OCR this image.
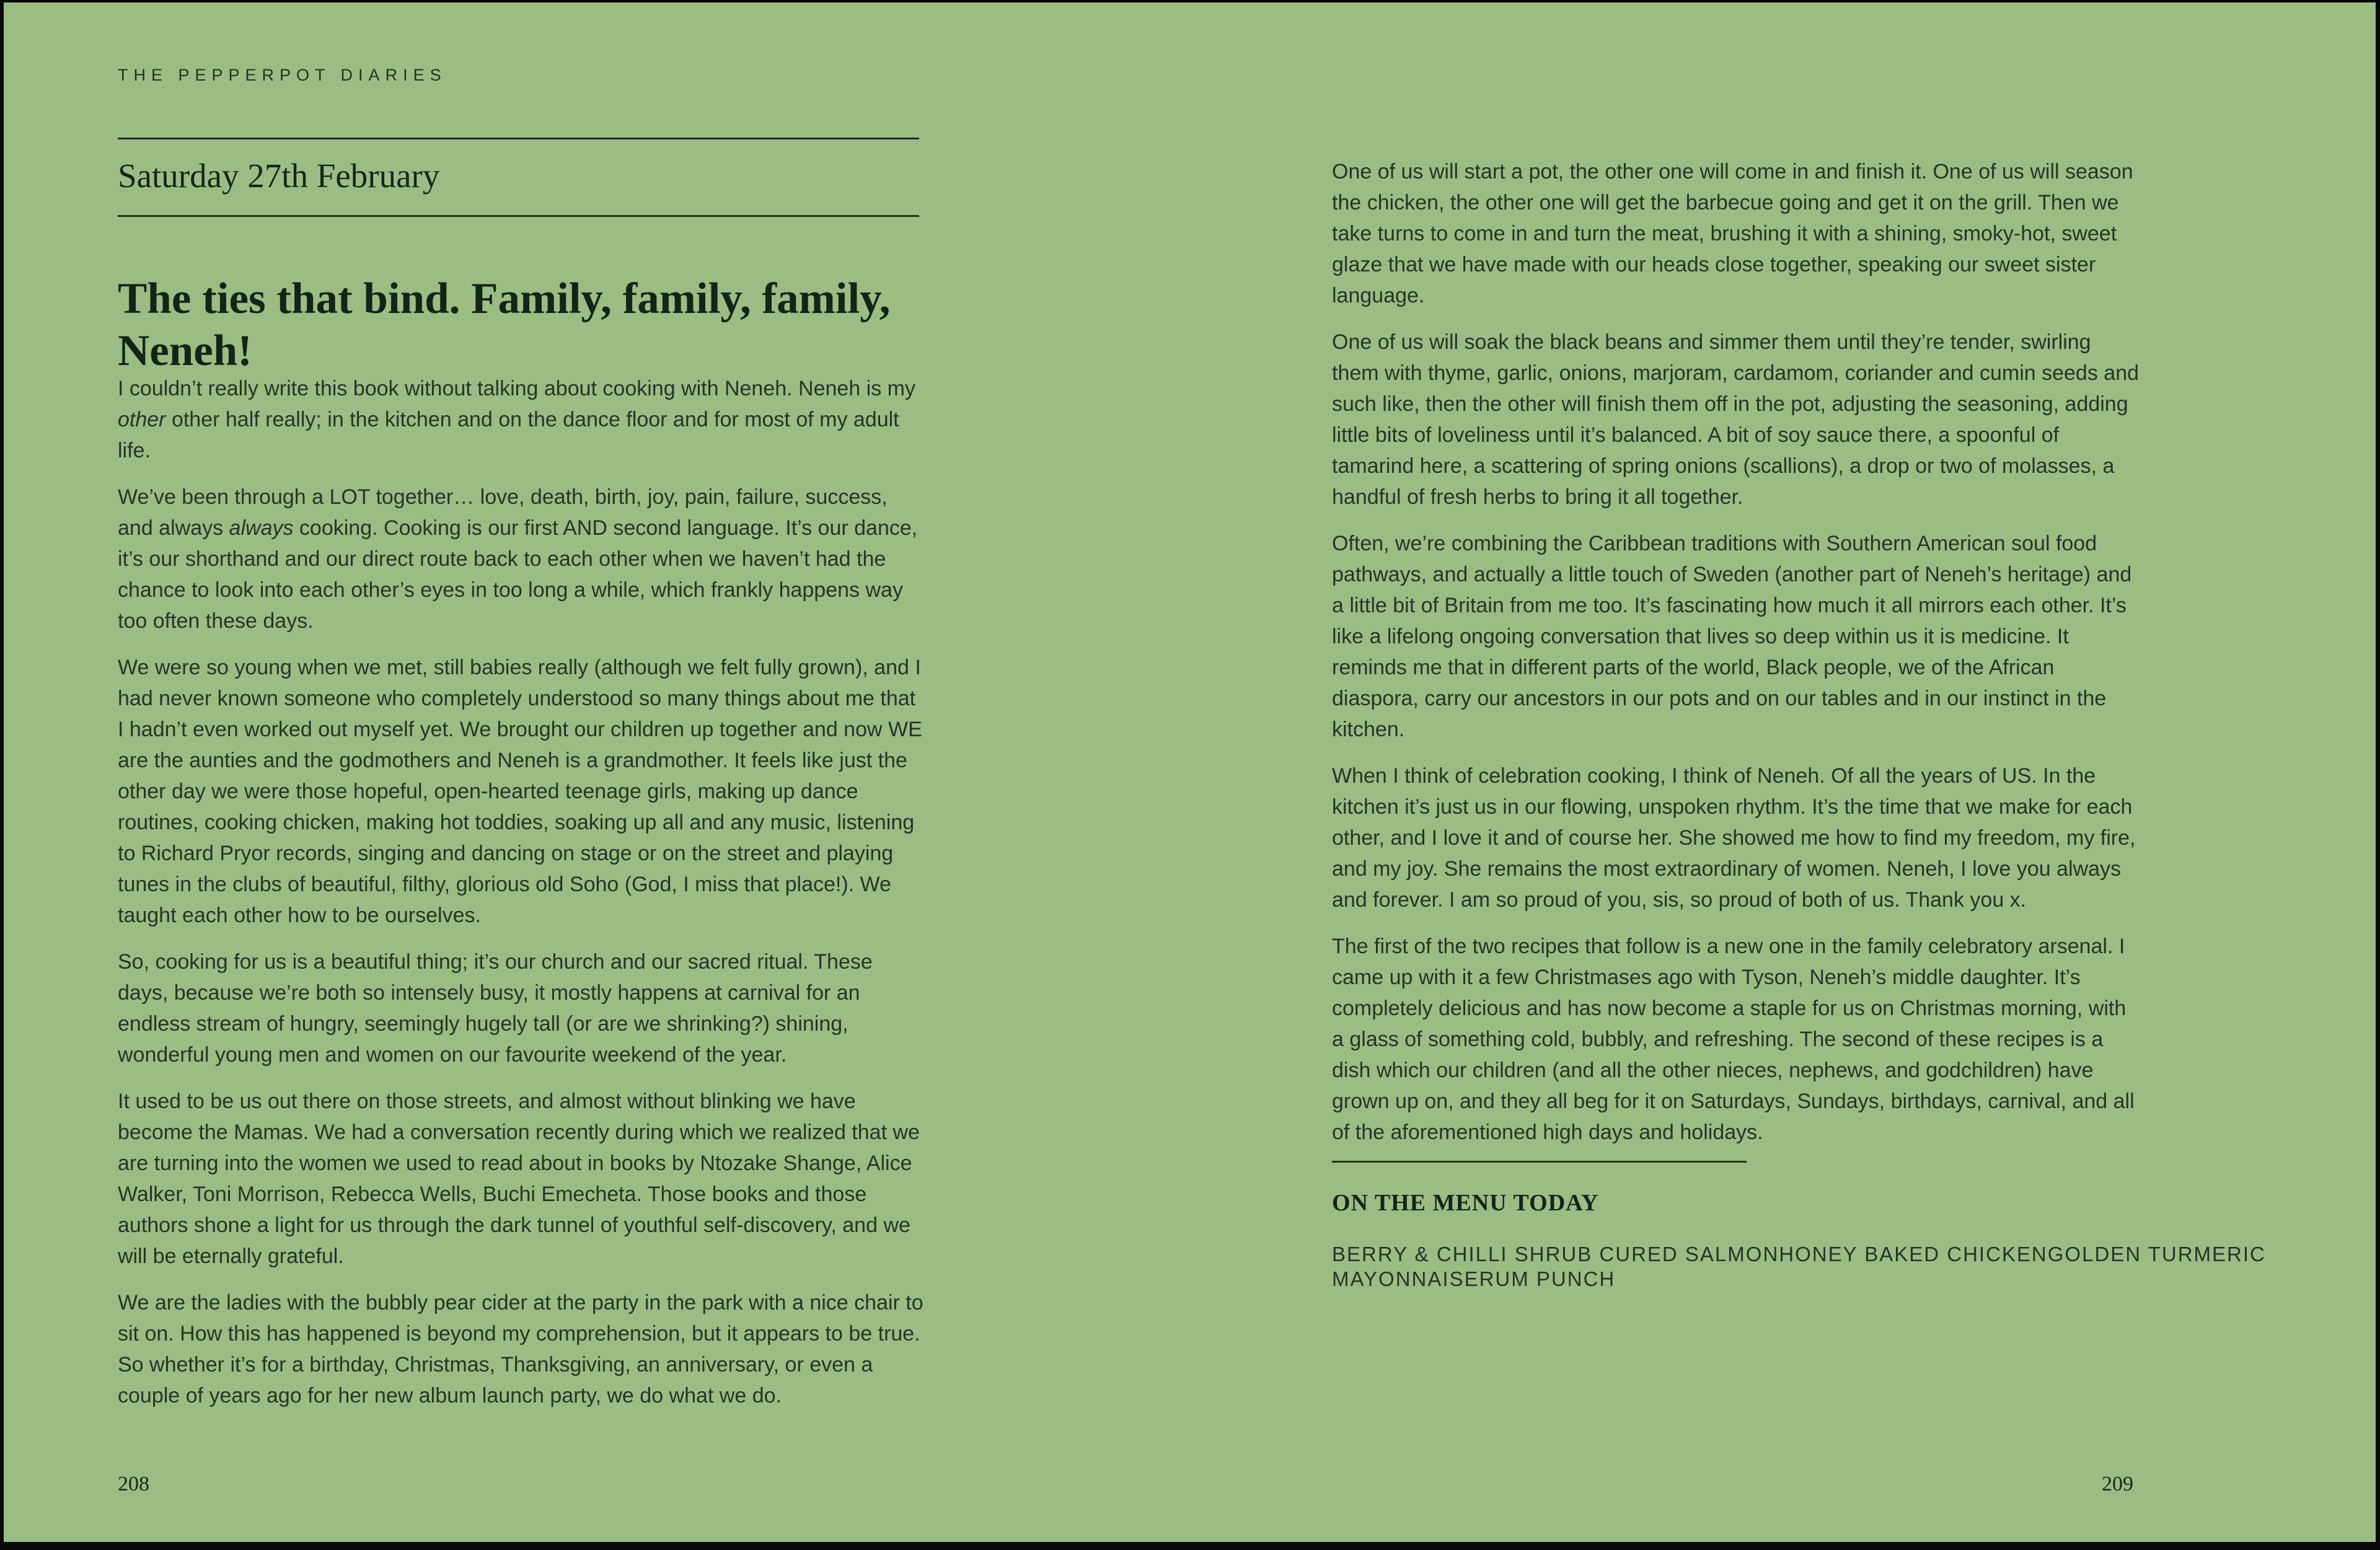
THE PEPPERPOT DIARIES
Saturday 27th February
The ties that bind. Family, family, family,
Neneh!

I couldn’t really write this book without talking about cooking with Neneh. Neneh is my other other half really; in the kitchen and on the dance floor and for most of my adult life.

We’ve been through a LOT together… love, death, birth, joy, pain, failure, success, and always always cooking. Cooking is our first AND second language. It’s our dance, it’s our shorthand and our direct route back to each other when we haven’t had the chance to look into each other’s eyes in too long a while, which frankly happens way too often these days.

We were so young when we met, still babies really (although we felt fully grown), and I had never known someone who completely understood so many things about me that I hadn’t even worked out myself yet. We brought our children up together and now WE are the aunties and the godmothers and Neneh is a grandmother. It feels like just the other day we were those hopeful, open-hearted teenage girls, making up dance routines, cooking chicken, making hot toddies, soaking up all and any music, listening to Richard Pryor records, singing and dancing on stage or on the street and playing tunes in the clubs of beautiful, filthy, glorious old Soho (God, I miss that place!). We taught each other how to be ourselves.

So, cooking for us is a beautiful thing; it’s our church and our sacred ritual. These days, because we’re both so intensely busy, it mostly happens at carnival for an endless stream of hungry, seemingly hugely tall (or are we shrinking?) shining, wonderful young men and women on our favourite weekend of the year.

It used to be us out there on those streets, and almost without blinking we have become the Mamas. We had a conversation recently during which we realized that we are turning into the women we used to read about in books by Ntozake Shange, Alice Walker, Toni Morrison, Rebecca Wells, Buchi Emecheta. Those books and those authors shone a light for us through the dark tunnel of youthful self-discovery, and we will be eternally grateful.

We are the ladies with the bubbly pear cider at the party in the park with a nice chair to sit on. How this has happened is beyond my comprehension, but it appears to be true. So whether it’s for a birthday, Christmas, Thanksgiving, an anniversary, or even a couple of years ago for her new album launch party, we do what we do.

One of us will start a pot, the other one will come in and finish it. One of us will season the chicken, the other one will get the barbecue going and get it on the grill. Then we take turns to come in and turn the meat, brushing it with a shining, smoky-hot, sweet glaze that we have made with our heads close together, speaking our sweet sister language.

One of us will soak the black beans and simmer them until they’re tender, swirling them with thyme, garlic, onions, marjoram, cardamom, coriander and cumin seeds and such like, then the other will finish them off in the pot, adjusting the seasoning, adding little bits of loveliness until it’s balanced. A bit of soy sauce there, a spoonful of tamarind here, a scattering of spring onions (scallions), a drop or two of molasses, a handful of fresh herbs to bring it all together.

Often, we’re combining the Caribbean traditions with Southern American soul food pathways, and actually a little touch of Sweden (another part of Neneh’s heritage) and a little bit of Britain from me too. It’s fascinating how much it all mirrors each other. It’s like a lifelong ongoing conversation that lives so deep within us it is medicine. It reminds me that in different parts of the world, Black people, we of the African diaspora, carry our ancestors in our pots and on our tables and in our instinct in the kitchen.

When I think of celebration cooking, I think of Neneh. Of all the years of US. In the kitchen it’s just us in our flowing, unspoken rhythm. It’s the time that we make for each other, and I love it and of course her. She showed me how to find my freedom, my fire, and my joy. She remains the most extraordinary of women. Neneh, I love you always and forever. I am so proud of you, sis, so proud of both of us. Thank you x.

The first of the two recipes that follow is a new one in the family celebratory arsenal. I came up with it a few Christmases ago with Tyson, Neneh’s middle daughter. It’s completely delicious and has now become a staple for us on Christmas morning, with a glass of something cold, bubbly, and refreshing. The second of these recipes is a dish which our children (and all the other nieces, nephews, and godchildren) have grown up on, and they all beg for it on Saturdays, Sundays, birthdays, carnival, and all of the aforementioned high days and holidays.

ON THE MENU TODAY
BERRY & CHILLI SHRUB CURED SALMONHONEY BAKED CHICKENGOLDEN TURMERIC MAYONNAISERUM PUNCH
208	209
